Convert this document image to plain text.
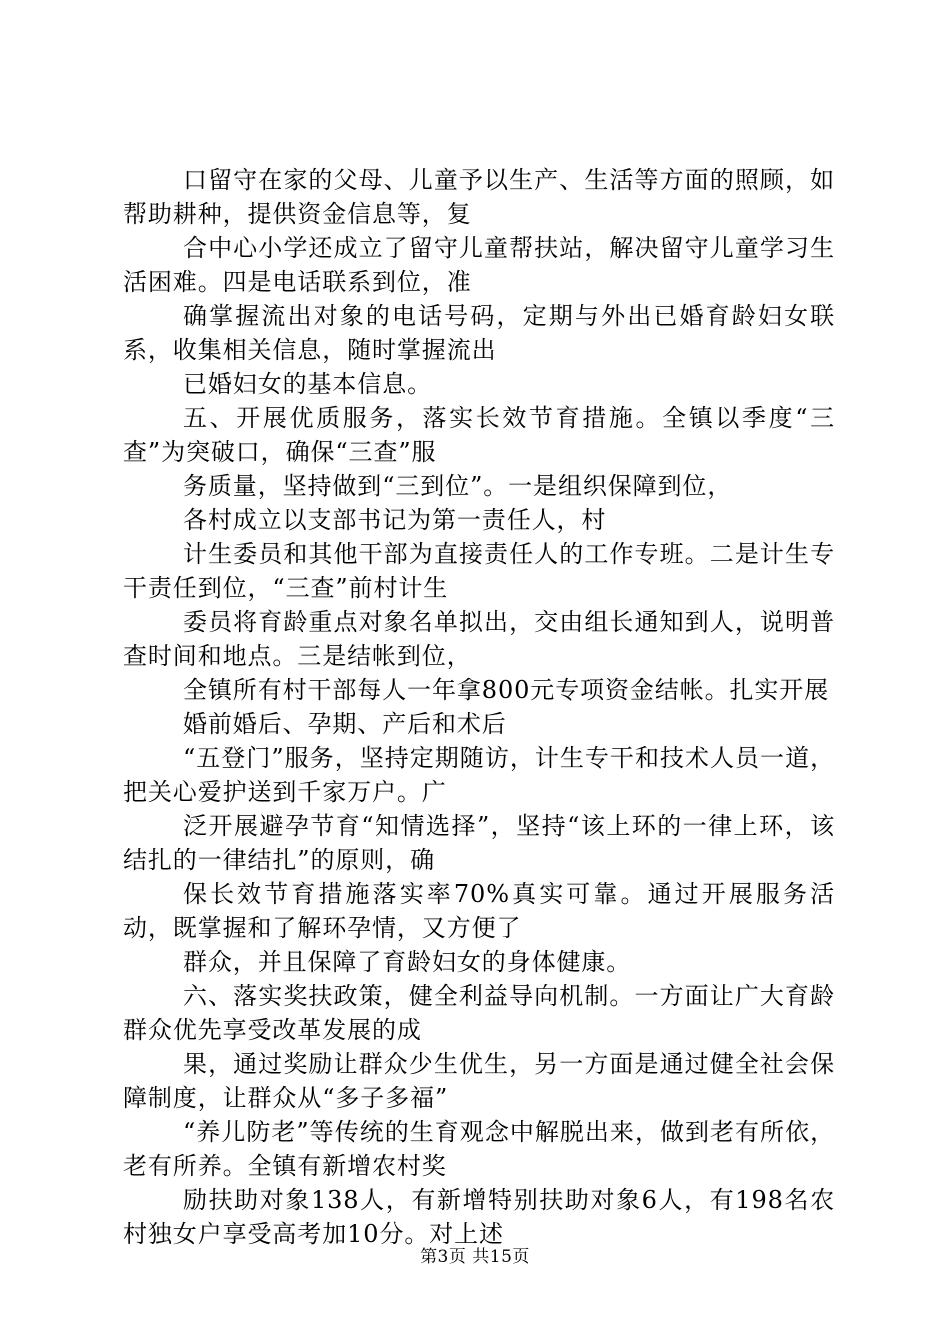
口留守在家的父母、儿童予以生产、生活等方面的照顾，如帮助耕种，提供资金信息等，复

合中心小学还成立了留守儿童帮扶站，解决留守儿童学习生活困难。四是电话联系到位，准

确掌握流出对象的电话号码，定期与外出已婚育龄妇女联系，收集相关信息，随时掌握流出

已婚妇女的基本信息。

五、开展优质服务，落实长效节育措施。全镇以季度“三查”为突破口，确保“三查”服

务质量，坚持做到“三到位”。一是组织保障到位，

各村成立以支部书记为第一责任人，村

计生委员和其他干部为直接责任人的工作专班。二是计生专干责任到位，“三查”前村计生

委员将育龄重点对象名单拟出，交由组长通知到人，说明普查时间和地点。三是结帐到位，

全镇所有村干部每人一年拿800元专项资金结帐。扎实开展

婚前婚后、孕期、产后和术后

“五登门”服务，坚持定期随访，计生专干和技术人员一道，把关心爱护送到千家万户。广

泛开展避孕节育“知情选择”，坚持“该上环的一律上环，该结扎的一律结扎”的原则，确

保长效节育措施落实率70%真实可靠。通过开展服务活动，既掌握和了解环孕情，又方便了

群众，并且保障了育龄妇女的身体健康。

六、落实奖扶政策，健全利益导向机制。一方面让广大育龄群众优先享受改革发展的成

果，通过奖励让群众少生优生，另一方面是通过健全社会保障制度，让群众从“多子多福”

“养儿防老”等传统的生育观念中解脱出来，做到老有所依，老有所养。全镇有新增农村奖

励扶助对象138人，有新增特别扶助对象6人，有198名农村独女户享受高考加10分。对上述

第3页 共15页
